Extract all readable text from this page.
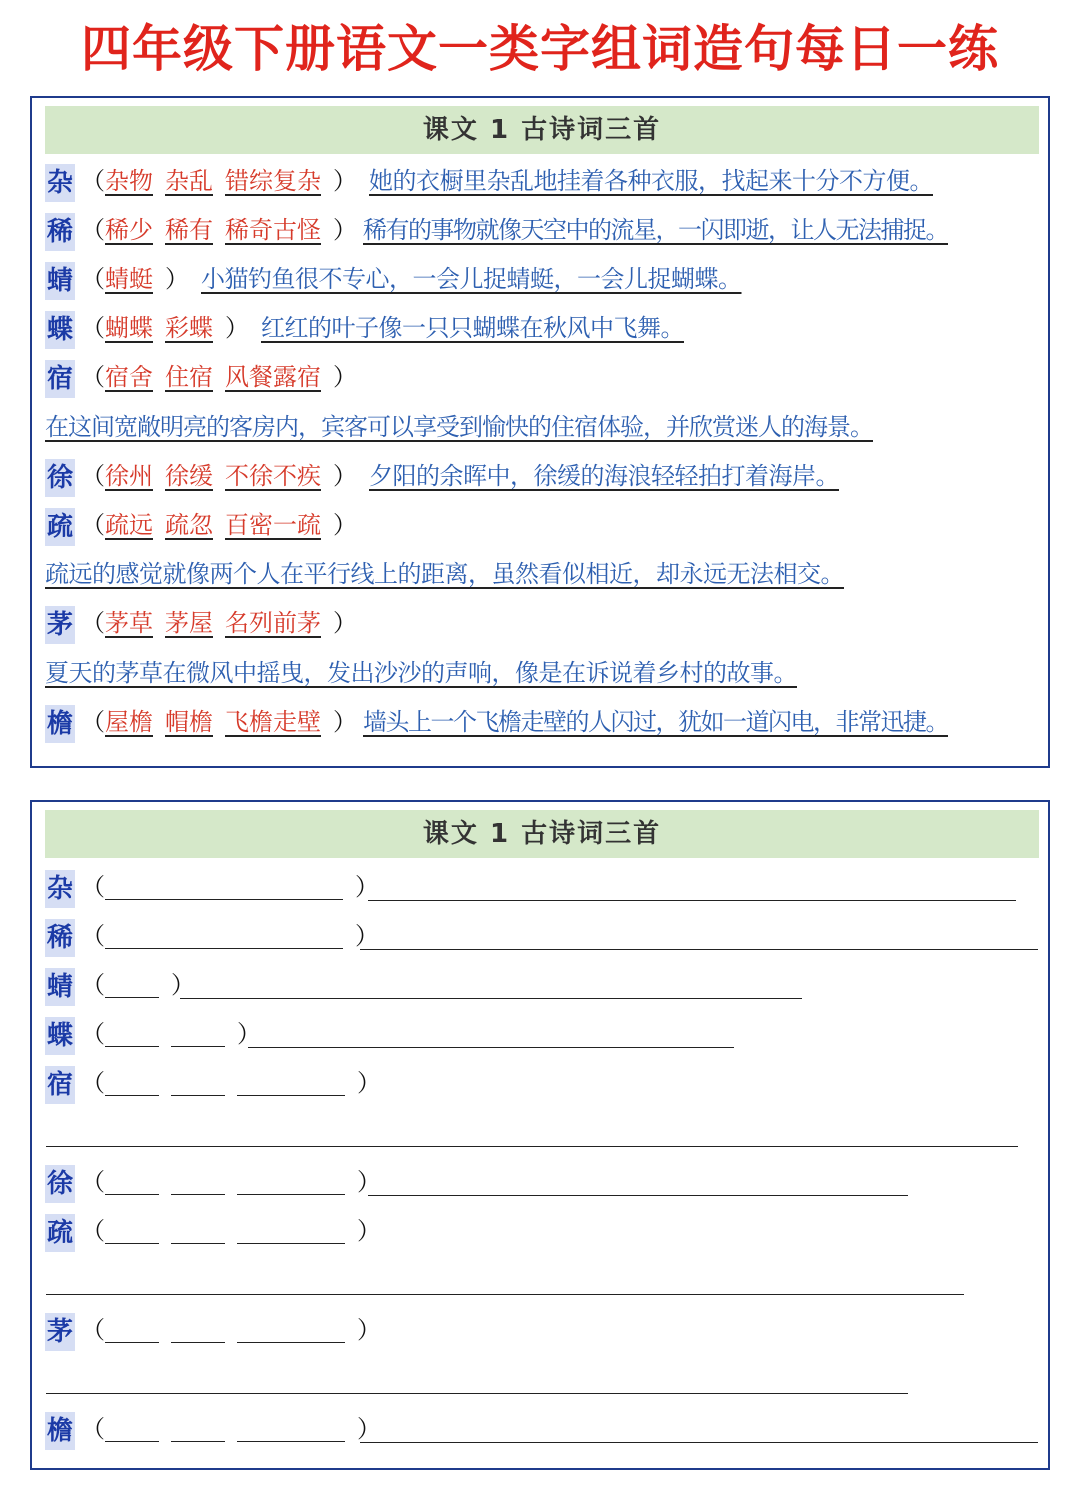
四年级下册语文一类字组词造句每日一练
课文 1 古诗词三首
杂 （杂物 杂乱 错综复杂 ） 她的衣橱里杂乱地挂着各种衣服，找起来十分不方便。
稀 （稀少 稀有 稀奇古怪 ） 稀有的事物就像天空中的流星，一闪即逝，让人无法捕捉。
蜻 （蜻蜓 ） 小猫钓鱼很不专心，一会儿捉蜻蜓，一会儿捉蝴蝶。
蝶 （蝴蝶 彩蝶 ） 红红的叶子像一只只蝴蝶在秋风中飞舞。
宿 （宿舍 住宿 风餐露宿 ）
在这间宽敞明亮的客房内，宾客可以享受到愉快的住宿体验，并欣赏迷人的海景。
徐 （徐州 徐缓 不徐不疾 ） 夕阳的余晖中，徐缓的海浪轻轻拍打着海岸。
疏 （疏远 疏忽 百密一疏 ）
疏远的感觉就像两个人在平行线上的距离，虽然看似相近，却永远无法相交。
茅 （茅草 茅屋 名列前茅 ）
夏天的茅草在微风中摇曳，发出沙沙的声响，像是在诉说着乡村的故事。
檐 （屋檐 帽檐 飞檐走壁 ） 墙头上一个飞檐走壁的人闪过，犹如一道闪电，非常迅捷。
课文 1 古诗词三首
杂 （	）
稀 （	）
蜻 （	）
蝶 （	）
宿 （	）
徐 （	）
疏 （	）
茅 （	）
檐 （	）
